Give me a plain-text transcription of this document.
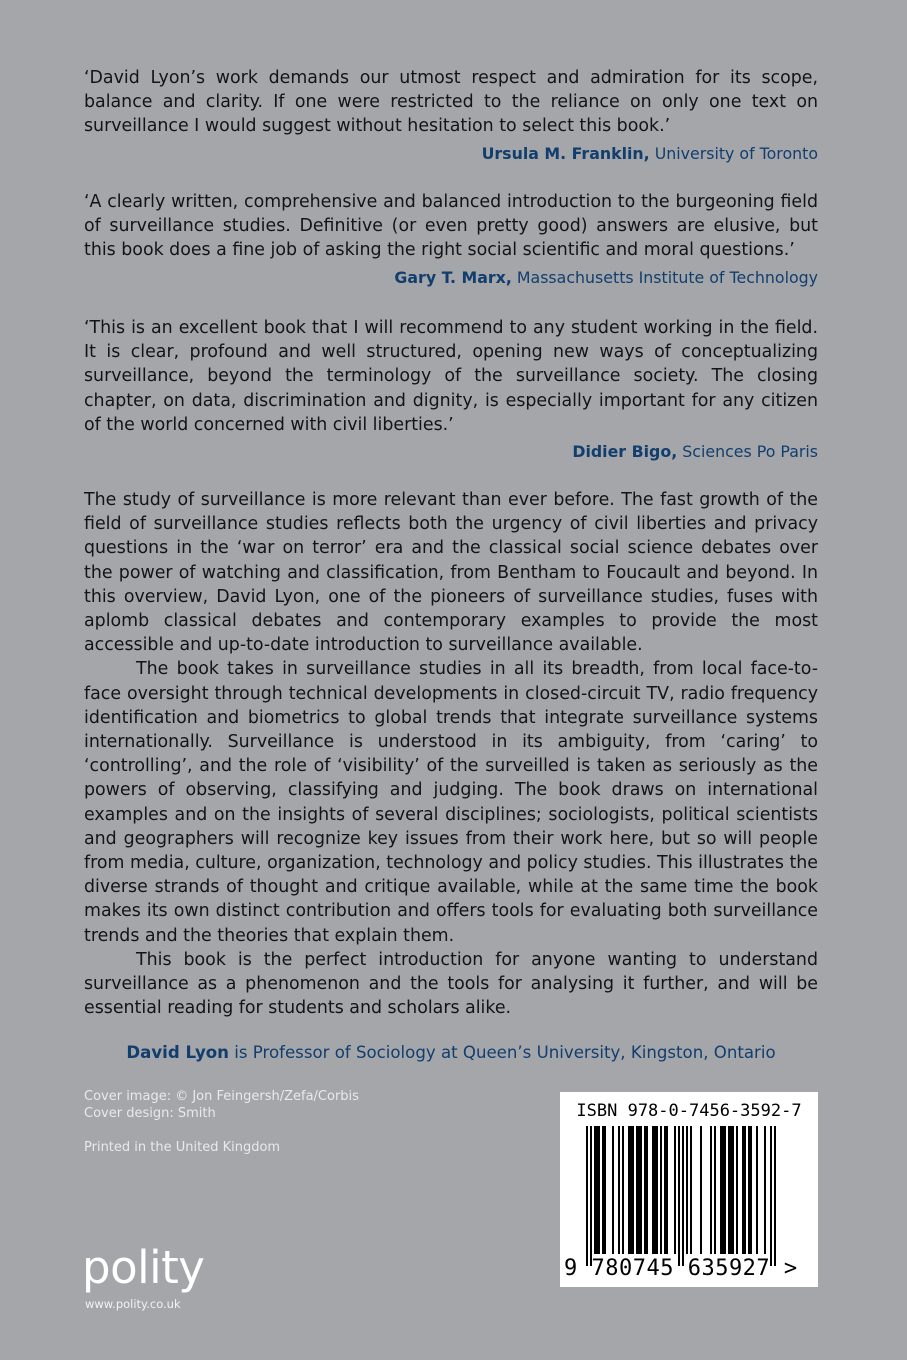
‘David Lyon’s work demands our utmost respect and admiration for its scope, balance and clarity. If one were restricted to the reliance on only one text on surveillance I would suggest without hesitation to select this book.’
Ursula M. Franklin, University of Toronto
‘A clearly written, comprehensive and balanced introduction to the burgeoning field of surveillance studies. Definitive (or even pretty good) answers are elusive, but this book does a fine job of asking the right social scientific and moral questions.’
Gary T. Marx, Massachusetts Institute of Technology
‘This is an excellent book that I will recommend to any student working in the field. It is clear, profound and well structured, opening new ways of conceptualizing surveillance, beyond the terminology of the surveillance society. The closing chapter, on data, discrimination and dignity, is especially important for any citizen of the world concerned with civil liberties.’
Didier Bigo, Sciences Po Paris

The study of surveillance is more relevant than ever before. The fast growth of the field of surveillance studies reflects both the urgency of civil liberties and privacy questions in the ‘war on terror’ era and the classical social science debates over the power of watching and classification, from Bentham to Foucault and beyond. In this overview, David Lyon, one of the pioneers of surveillance studies, fuses with aplomb classical debates and contemporary examples to provide the most accessible and up-to-date introduction to surveillance available.

The book takes in surveillance studies in all its breadth, from local face-to-face oversight through technical developments in closed-circuit TV, radio frequency identification and biometrics to global trends that integrate surveillance systems internationally. Surveillance is understood in its ambiguity, from ‘caring’ to ‘controlling’, and the role of ‘visibility’ of the surveilled is taken as seriously as the powers of observing, classifying and judging. The book draws on international examples and on the insights of several disciplines; sociologists, political scientists and geographers will recognize key issues from their work here, but so will people from media, culture, organization, technology and policy studies. This illustrates the diverse strands of thought and critique available, while at the same time the book makes its own distinct contribution and offers tools for evaluating both surveillance trends and the theories that explain them.

This book is the perfect introduction for anyone wanting to understand surveillance as a phenomenon and the tools for analysing it further, and will be essential reading for students and scholars alike.

David Lyon is Professor of Sociology at Queen’s University, Kingston, Ontario
Cover image: © Jon Feingersh/Zefa/Corbis
Cover design: Smith
Printed in the United Kingdom
polity
www.polity.co.uk
ISBN 978-0-7456-3592-7
9 780745 635927 >
